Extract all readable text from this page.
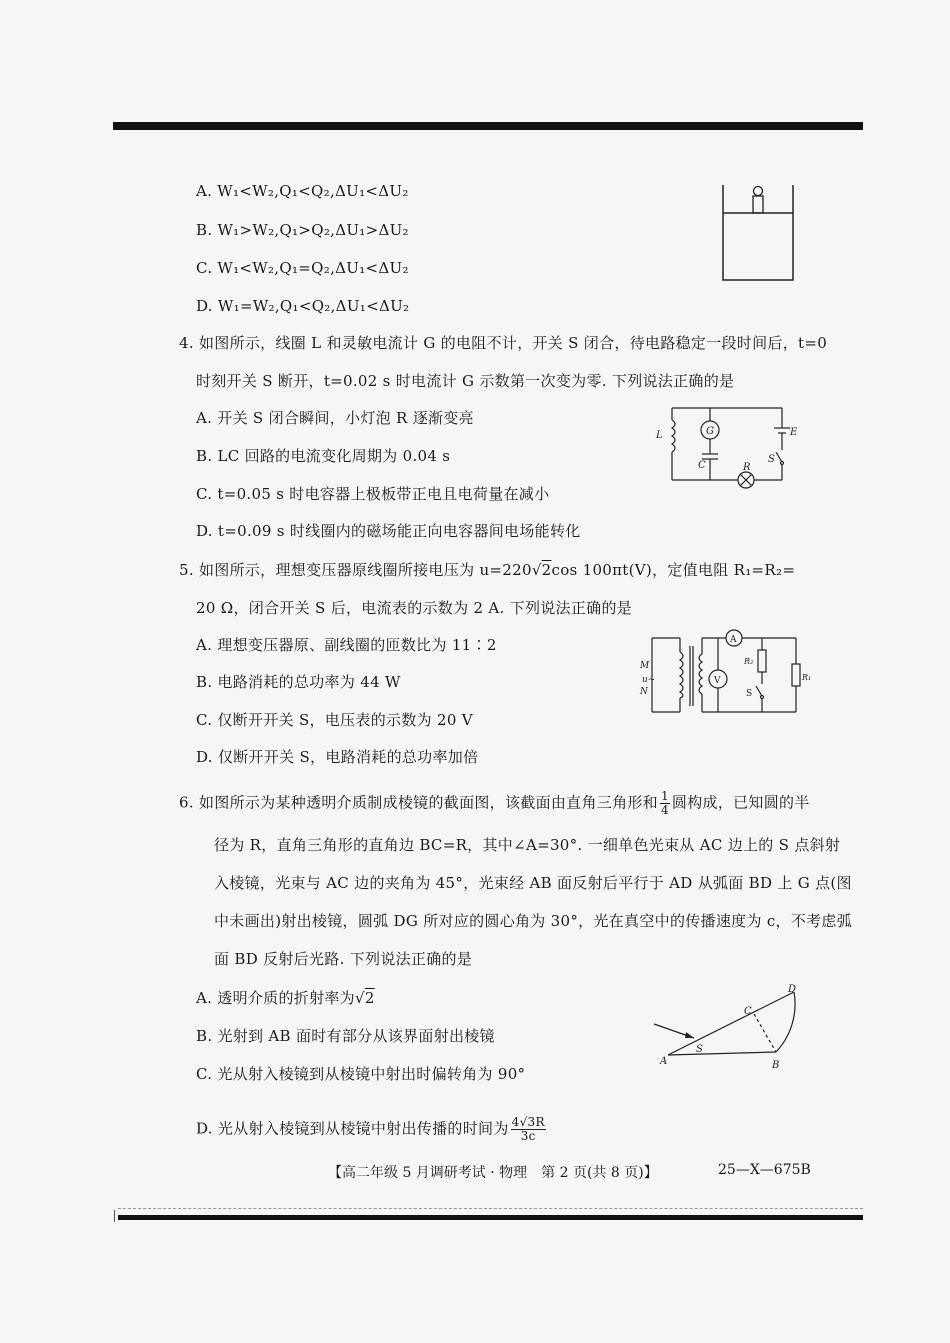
A. W₁<W₂,Q₁<Q₂,ΔU₁<ΔU₂
B. W₁>W₂,Q₁>Q₂,ΔU₁>ΔU₂
C. W₁<W₂,Q₁=Q₂,ΔU₁<ΔU₂
D. W₁=W₂,Q₁<Q₂,ΔU₁<ΔU₂
4. 如图所示，线圈 L 和灵敏电流计 G 的电阻不计，开关 S 闭合，待电路稳定一段时间后，t=0
时刻开关 S 断开，t=0.02 s 时电流计 G 示数第一次变为零. 下列说法正确的是
A. 开关 S 闭合瞬间，小灯泡 R 逐渐变亮
B. LC 回路的电流变化周期为 0.04 s
C. t=0.05 s 时电容器上极板带正电且电荷量在减小
D. t=0.09 s 时线圈内的磁场能正向电容器间电场能转化
L	G
C
E
R
S
5. 如图所示，理想变压器原线圈所接电压为 u=220√2cos 100πt(V)，定值电阻 R₁=R₂=
20 Ω，闭合开关 S 后，电流表的示数为 2 A. 下列说法正确的是
A. 理想变压器原、副线圈的匝数比为 11∶2
B. 电路消耗的总功率为 44 W
C. 仅断开开关 S，电压表的示数为 20 V
D. 仅断开开关 S，电路消耗的总功率加倍
M
u~
N
A
V
R₂
R₁
S
6. 如图所示为某种透明介质制成棱镜的截面图，该截面由直角三角形和 $\frac{1}{4}$ 圆构成，已知圆的半
径为 R，直角三角形的直角边 BC=R，其中∠A=30°. 一细单色光束从 AC 边上的 S 点斜射
入棱镜，光束与 AC 边的夹角为 45°，光束经 AB 面反射后平行于 AD 从弧面 BD 上 G 点(图
中未画出)射出棱镜，圆弧 DG 所对应的圆心角为 30°，光在真空中的传播速度为 c，不考虑弧
面 BD 反射后光路. 下列说法正确的是
A. 透明介质的折射率为√2
B. 光射到 AB 面时有部分从该界面射出棱镜
C. 光从射入棱镜到从棱镜中射出时偏转角为 90°
D. 光从射入棱镜到从棱镜中射出传播的时间为 $\frac{4√3R}{3c}$
A	B
C
D
S
【高二年级 5 月调研考试 · 物理　第 2 页(共 8 页)】	25—X—675B
